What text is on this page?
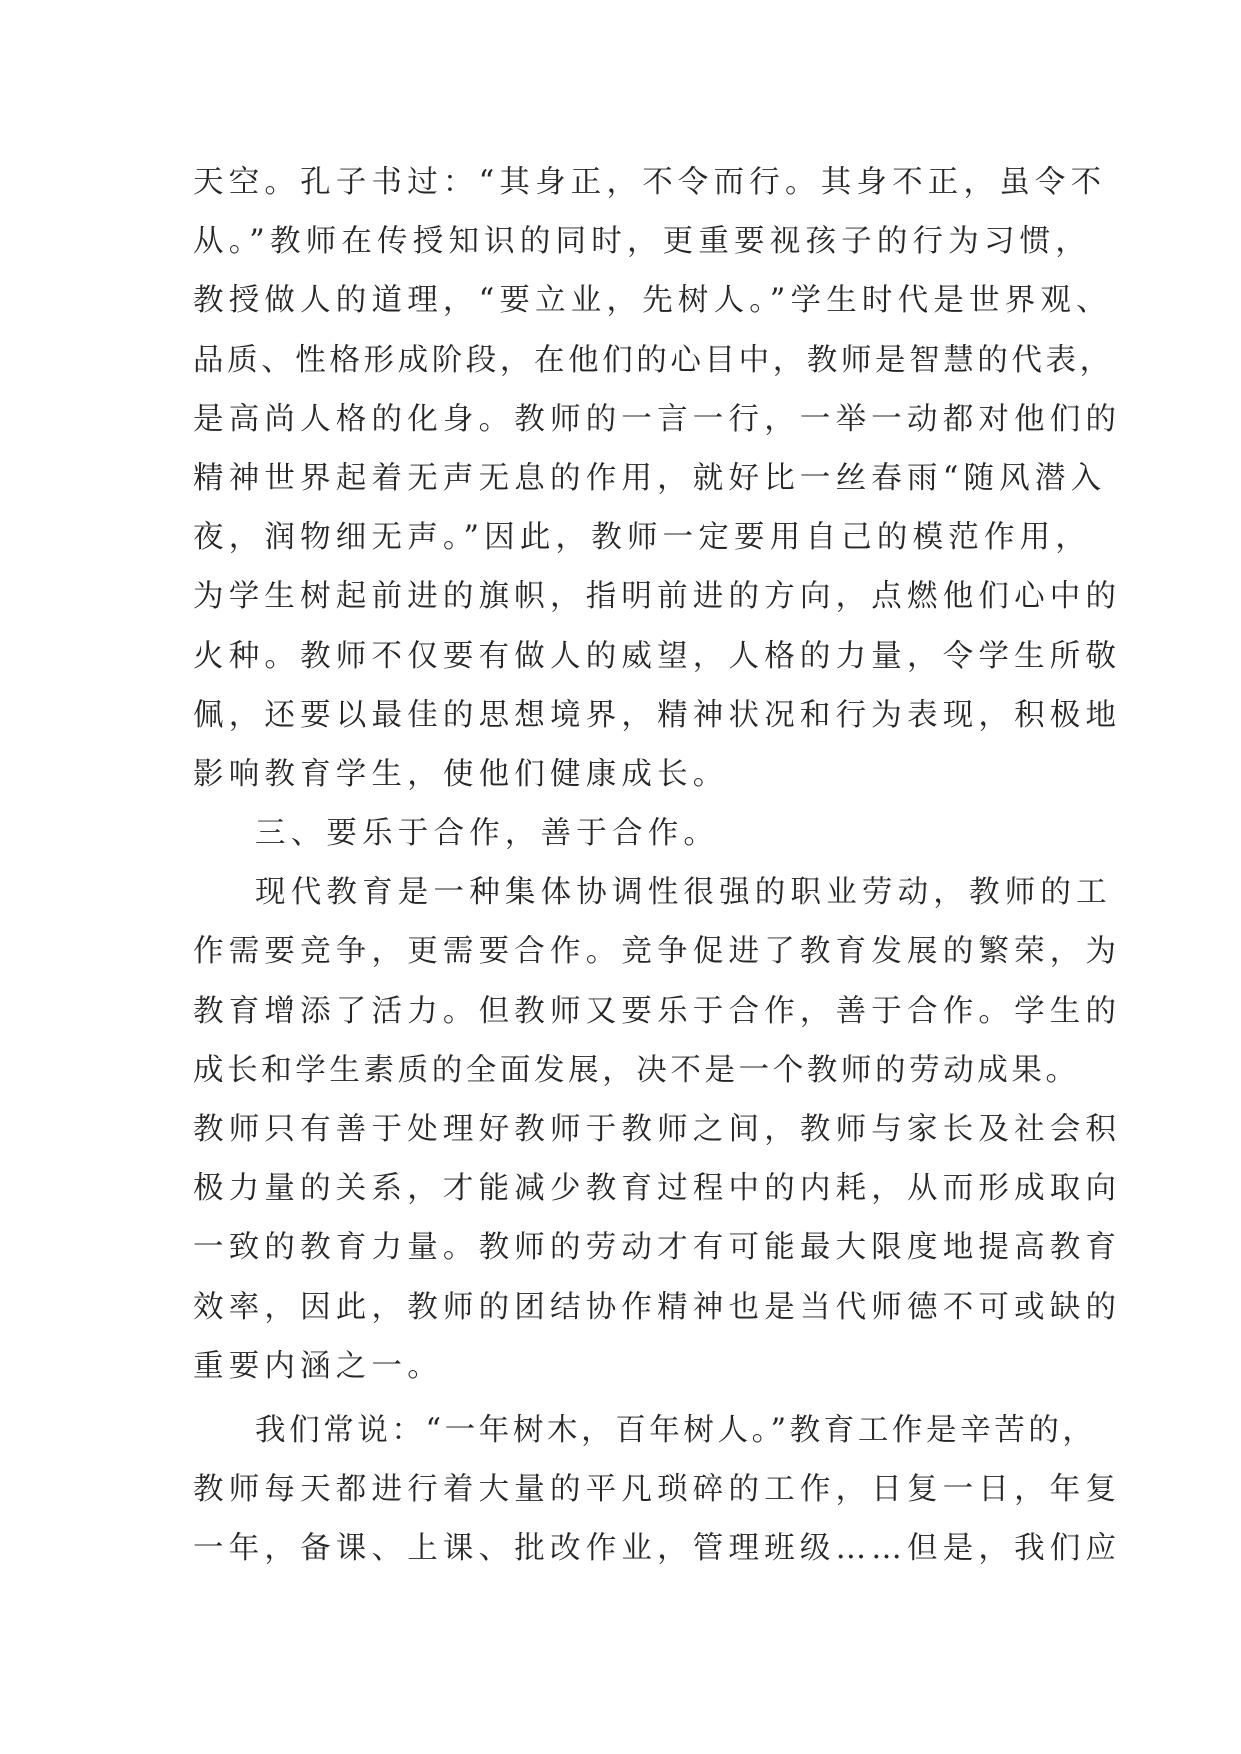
天空。孔子书过：“其身正，不令而行。其身不正，虽令不
从。”教师在传授知识的同时，更重要视孩子的行为习惯，
教授做人的道理，“要立业，先树人。”学生时代是世界观、
品质、性格形成阶段，在他们的心目中，教师是智慧的代表，
是高尚人格的化身。教师的一言一行，一举一动都对他们的
精神世界起着无声无息的作用，就好比一丝春雨“随风潜入
夜，润物细无声。”因此，教师一定要用自己的模范作用，
为学生树起前进的旗帜，指明前进的方向，点燃他们心中的
火种。教师不仅要有做人的威望，人格的力量，令学生所敬
佩，还要以最佳的思想境界，精神状况和行为表现，积极地
影响教育学生，使他们健康成长。
三、要乐于合作，善于合作。
现代教育是一种集体协调性很强的职业劳动，教师的工
作需要竞争，更需要合作。竞争促进了教育发展的繁荣，为
教育增添了活力。但教师又要乐于合作，善于合作。学生的
成长和学生素质的全面发展，决不是一个教师的劳动成果。
教师只有善于处理好教师于教师之间，教师与家长及社会积
极力量的关系，才能减少教育过程中的内耗，从而形成取向
一致的教育力量。教师的劳动才有可能最大限度地提高教育
效率，因此，教师的团结协作精神也是当代师德不可或缺的
重要内涵之一。
我们常说：“一年树木，百年树人。”教育工作是辛苦的，
教师每天都进行着大量的平凡琐碎的工作，日复一日，年复
一年，备课、上课、批改作业，管理班级……但是，我们应
